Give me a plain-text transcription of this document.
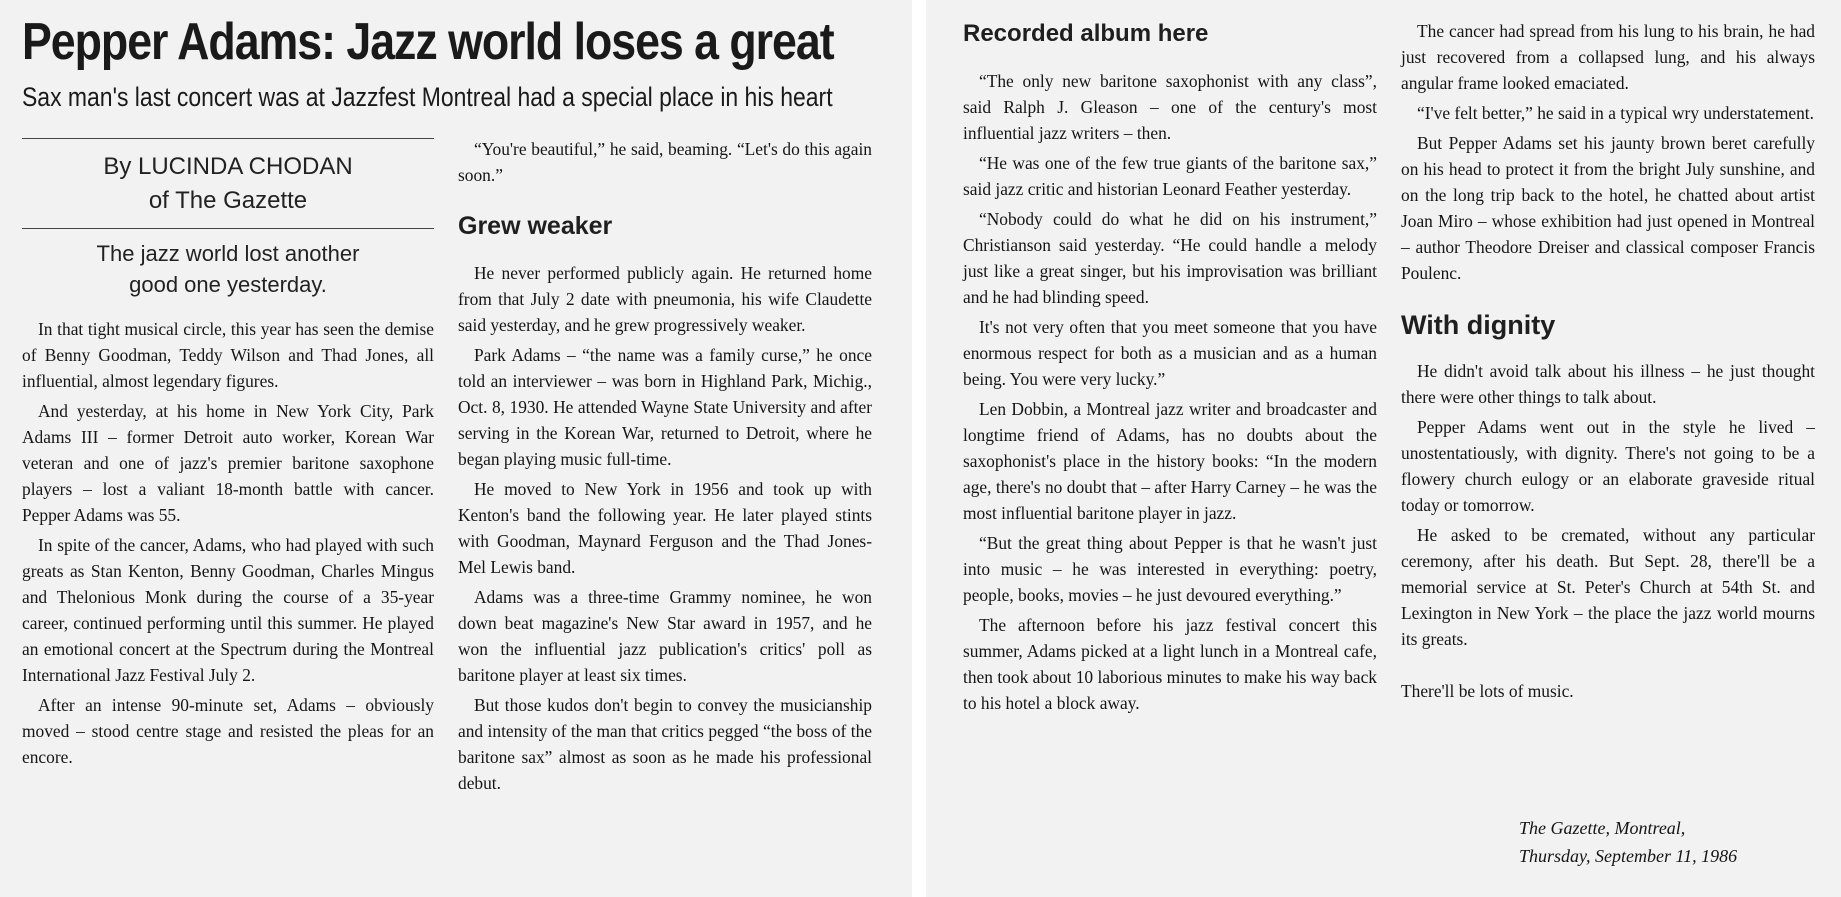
Pepper Adams: Jazz world loses a great
Sax man's last concert was at Jazzfest Montreal had a special place in his heart
By LUCINDA CHODAN
of The Gazette
The jazz world lost another
good one yesterday.

In that tight musical circle, this year has seen the demise of Benny Goodman, Teddy Wilson and Thad Jones, all influential, almost legendary figures.

And yesterday, at his home in New York City, Park Adams III – former Detroit auto worker, Korean War veteran and one of jazz's premier baritone saxophone players – lost a valiant 18-month battle with cancer. Pepper Adams was 55.

In spite of the cancer, Adams, who had played with such greats as Stan Kenton, Benny Goodman, Charles Mingus and Thelonious Monk during the course of a 35-year career, continued performing until this summer. He played an emotional concert at the Spectrum during the Montreal International Jazz Festival July 2.

After an intense 90-minute set, Adams – obviously moved – stood centre stage and resisted the pleas for an encore.

“You're beautiful,” he said, beaming. “Let's do this again soon.”

Grew weaker

He never performed publicly again. He returned home from that July 2 date with pneumonia, his wife Claudette said yesterday, and he grew progressively weaker.

Park Adams – “the name was a family curse,” he once told an interviewer – was born in Highland Park, Michig., Oct. 8, 1930. He attended Wayne State University and after serving in the Korean War, returned to Detroit, where he began playing music full-time.

He moved to New York in 1956 and took up with Kenton's band the following year. He later played stints with Goodman, Maynard Ferguson and the Thad Jones-Mel Lewis band.

Adams was a three-time Grammy nominee, he won down beat magazine's New Star award in 1957, and he won the influential jazz publication's critics' poll as baritone player at least six times.

But those kudos don't begin to convey the musicianship and intensity of the man that critics pegged “the boss of the baritone sax” almost as soon as he made his professional debut.

Recorded album here

“The only new baritone saxophonist with any class”, said Ralph J. Gleason – one of the century's most influential jazz writers – then.

“He was one of the few true giants of the baritone sax,” said jazz critic and historian Leonard Feather yesterday.

“Nobody could do what he did on his instrument,” Christianson said yesterday. “He could handle a melody just like a great singer, but his improvisation was brilliant and he had blinding speed.

It's not very often that you meet someone that you have enormous respect for both as a musician and as a human being. You were very lucky.”

Len Dobbin, a Montreal jazz writer and broadcaster and longtime friend of Adams, has no doubts about the saxophonist's place in the history books: “In the modern age, there's no doubt that – after Harry Carney – he was the most influential baritone player in jazz.

“But the great thing about Pepper is that he wasn't just into music – he was interested in everything: poetry, people, books, movies – he just devoured everything.”

The afternoon before his jazz festival concert this summer, Adams picked at a light lunch in a Montreal cafe, then took about 10 laborious minutes to make his way back to his hotel a block away.

The cancer had spread from his lung to his brain, he had just recovered from a collapsed lung, and his always angular frame looked emaciated.

“I've felt better,” he said in a typical wry understatement.

But Pepper Adams set his jaunty brown beret carefully on his head to protect it from the bright July sunshine, and on the long trip back to the hotel, he chatted about artist Joan Miro – whose exhibition had just opened in Montreal – author Theodore Dreiser and classical composer Francis Poulenc.

With dignity

He didn't avoid talk about his illness – he just thought there were other things to talk about.

Pepper Adams went out in the style he lived – unostentatiously, with dignity. There's not going to be a flowery church eulogy or an elaborate graveside ritual today or tomorrow.

He asked to be cremated, without any particular ceremony, after his death. But Sept. 28, there'll be a memorial service at St. Peter's Church at 54th St. and Lexington in New York – the place the jazz world mourns its greats.

There'll be lots of music.

The Gazette, Montreal,
Thursday, September 11, 1986
